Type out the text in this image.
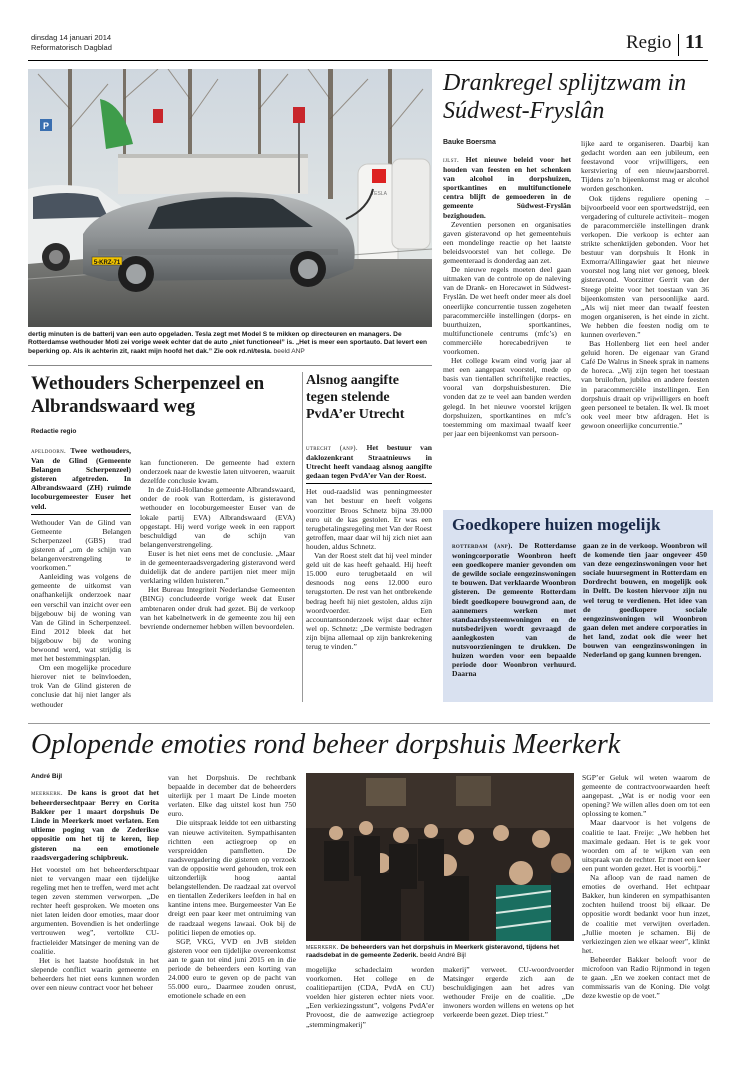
dinsdag 14 januari 2014
Reformatorisch Dagblad	Regio 11
P
TESLA
5-KRZ-71
dertig minuten is de batterij van een auto opgeladen. Tesla zegt met Model S te mikken op directeuren en managers. De Rotterdamse wethouder Moti zei vorige week echter dat de auto „niet functioneel” is. „Het is meer een sportauto. Dat levert een beperking op. Als ik achterin zit, raakt mijn hoofd het dak.” Zie ook rd.nl/tesla. beeld ANP
Drankregel splijtzwam in Súdwest-Fryslân
Bauke Boersma

ijlst. Het nieuwe beleid voor het houden van feesten en het schenken van alcohol in dorpshuizen, sportkantines en multifunctionele centra blijft de gemoederen in de gemeente Súdwest-Fryslân bezighouden.

Zeventien personen en organisaties gaven gisteravond op het gemeentehuis een mondelinge reactie op het laatste beleidsvoorstel van het college. De gemeenteraad is donderdag aan zet.

De nieuwe regels moeten deel gaan uitmaken van de controle op de naleving van de Drank- en Horecawet in Súdwest-Fryslân. De wet heeft onder meer als doel oneerlijke concurrentie tussen zogeheten paracommerciële instellingen (dorps- en buurthuizen, sportkantines, multifunctionele centrums (mfc’s) en commerciële horecabedrijven te voorkomen.

Het college kwam eind vorig jaar al met een aangepast voorstel, mede op basis van tientallen schriftelijke reacties, vooral van dorpshuisbesturen. Die vonden dat ze te veel aan banden werden gelegd. In het nieuwe voorstel krijgen dorpshuizen, sportkantines en mfc’s toestemming om maximaal twaalf keer per jaar een bijeenkomst van persoon-

lijke aard te organiseren. Daarbij kan gedacht worden aan een jubileum, een feestavond voor vrijwilligers, een kerstviering of een nieuwjaarsborrel. Tijdens zo’n bijeenkomst mag er alcohol worden geschonken.

Ook tijdens reguliere opening –bijvoorbeeld voor een sportwedstrijd, een vergadering of culturele activiteit– mogen de paracommerciële instellingen drank verkopen. Die verkoop is echter aan strikte schenktijden gebonden. Voor het bestuur van dorpshuis It Honk in Exmorra/Allingawier gaat het nieuwe voorstel nog lang niet ver genoeg, bleek gisteravond. Voorzitter Gerrit van der Steege pleitte voor het toestaan van 36 bijeenkomsten van persoonlijke aard. „Als wij niet meer dan twaalf feesten mogen organiseren, is het einde in zicht. We hebben die feesten nodig om te kunnen overleven.”

Bas Hollenberg liet een heel ander geluid horen. De eigenaar van Grand Café De Walrus in Sneek sprak in namens de horeca. „Wij zijn tegen het toestaan van bruiloften, jubilea en andere feesten in paracommerciële instellingen. Een dorpshuis draait op vrijwilligers en hoeft geen personeel te betalen. Ik wel. Ik moet ook veel meer btw afdragen. Het is gewoon oneerlijke concurrentie.”

Wethouders Scherpenzeel en Albrandswaard weg
Redactie regio

apeldoorn. Twee wethouders, Van de Glind (Gemeente Belangen Scherpenzeel) gisteren afgetreden. In Albrandswaard (ZH) ruimde locoburgemeester Euser het veld.

Wethouder Van de Glind van Gemeente Belangen Scherpenzeel (GBS) trad gisteren af „om de schijn van belangenverstrengeling te voorkomen.”

Aanleiding was volgens de gemeente de uitkomst van onafhankelijk onderzoek naar een verschil van inzicht over een bijgebouw bij de woning van Van de Glind in Scherpenzeel. Eind 2012 bleek dat het bijgebouw bij de woning bewoond werd, wat strijdig is met het bestemmingsplan.

Om een mogelijke procedure hierover niet te beïnvloeden, trok Van de Glind gisteren de conclusie dat hij niet langer als wethouder

kan functioneren. De gemeente had extern onderzoek naar de kwestie laten uitvoeren, waaruit dezelfde conclusie kwam.

In de Zuid-Hollandse gemeente Albrandswaard, onder de rook van Rotterdam, is gisteravond wethouder en locoburgemeester Euser van de lokale partij EVA) Albrandswaard (EVA) opgestapt. Hij werd vorige week in een rapport beschuldigd van de schijn van belangenverstrengeling.

Euser is het niet eens met de conclusie. „Maar in de gemeenteraadsvergadering gisteravond werd duidelijk dat de andere partijen niet meer mijn verklaring wilden huisteren.”

Het Bureau Integriteit Nederlandse Gemeenten (BING) concludeerde vorige week dat Euser ambtenaren onder druk had gezet. Bij de verkoop van het kabelnetwerk in de gemeente zou hij een bevriende ondernemer hebben willen bevoordelen.

Alsnog aangifte tegen stelende PvdA’er Utrecht

utrecht (anp). Het bestuur van daklozenkrant Straatnieuws in Utrecht heeft vandaag alsnog aangifte gedaan tegen PvdA’er Van der Roest.

Het oud-raadslid was penningmeester van het bestuur en heeft volgens voorzitter Broos Schnetz bijna 39.000 euro uit de kas gestolen. Er was een terugbetalingsregeling met Van der Roest getroffen, maar daar wil hij zich niet aan houden, aldus Schnetz.

Van der Roest stelt dat hij veel minder geld uit de kas heeft gehaald. Hij heeft 15.000 euro terugbetaald en wil desnoods nog eens 12.000 euro terugstorten. De rest van het ontbrekende bedrag heeft hij niet gestolen, aldus zijn woordvoerder. Een accountantsonderzoek wijst daar echter wel op. Schnetz: „De vermiste bedragen zijn bijna allemaal op zijn bankrekening terug te vinden.”

Goedkopere huizen mogelijk

rotterdam (anp). De Rotterdamse woningcorporatie Woonbron heeft een goedkopere manier gevonden om de gewilde sociale eengezinswoningen te bouwen. Dat verklaarde Woonbron gisteren. De gemeente Rotterdam biedt goedkopere bouwgrond aan, de aannemers werken met standaardsysteemwoningen en de nutsbedrijven wordt gevraagd de aanlegkosten van de nutsvoorzieningen te drukken. De huizen worden voor een bepaalde periode door Woonbron verhuurd. Daarna

gaan ze in de verkoop. Woonbron wil de komende tien jaar ongeveer 450 van deze eengezinswoningen voor het sociale huursegment in Rotterdam en Dordrecht bouwen, en mogelijk ook in Delft. De kosten hiervoor zijn nu wel terug te verdienen. Het idee van de goedkopere sociale eengezinswoningen wil Woonbron gaan delen met andere corporaties in het land, zodat ook die weer het bouwen van eengezinswoningen in Nederland op gang kunnen brengen.

Oplopende emoties rond beheer dorpshuis Meerkerk
André Bijl

meerkerk. De kans is groot dat het beheerdersechtpaar Berry en Corita Bakker per 1 maart dorpshuis De Linde in Meerkerk moet verlaten. Een ultieme poging van de Zederikse oppositie om het tij te keren, liep gisteren na een emotionele raadsvergadering schipbreuk.

Het voorstel om het beheerderschtpaar niet te vervangen maar een tijdelijke regeling met hen te treffen, werd met acht tegen zeven stemmen verworpen. „De rechter heeft gesproken. We moeten ons niet laten leiden door emoties, maar door argumenten. Bovendien is het onderlinge vertrouwen weg”, vertolkte CU-fractieleider Matsinger de mening van de coalitie.

Het is het laatste hoofdstuk in het slepende conflict waarin gemeente en beheerders het niet eens kunnen worden over een nieuw contract voor het beheer

van het Dorpshuis. De rechtbank bepaalde in december dat de beheerders uiterlijk per 1 maart De Linde moeten verlaten. Elke dag uitstel kost hun 750 euro.

Die uitspraak leidde tot een uitbarsting van nieuwe activiteiten. Sympathisanten richtten een actiegroep op en verspreidden pamfletten. De raadsvergadering die gisteren op verzoek van de oppositie werd gehouden, trok een uitzonderlijk hoog aantal belangstellenden. De raadzaal zat overvol en tientallen Zederikers leefden in hal en kantine intens mee. Burgemeester Van Ee dreigt een paar keer met ontruiming van de raadzaal wegens lawaai. Ook bij de politici liepen de emoties op.

SGP, VKG, VVD en JvB stelden gisteren voor een tijdelijke overeenkomst aan te gaan tot eind juni 2015 en in die periode de beheerders een korting van 24.000 euro te geven op de pacht van 55.000 euro,. Daarmee zouden onrust, emotionele schade en een

meerkerk. De beheerders van het dorpshuis in Meerkerk gisteravond, tijdens het raadsdebat in de gemeente Zederik. beeld André Bijl

mogelijke schadeclaim worden voorkomen. Het college en de coalitiepartijen (CDA, PvdA en CU) voelden hier gisteren echter niets voor. „Een verkiezingsstunt”, volgens PvdA’er Provoost, die de aanwezige actiegroep „stemmingmakerij”

makerij” verweet. CU-woordvoerder Matsinger ergerde zich aan de beschuldigingen aan het adres van wethouder Freije en de coalitie. „De inwoners worden willens en wetens op het verkeerde been gezet. Diep triest.”

SGP’er Geluk wil weten waarom de gemeente de contractvoorwaarden heeft aangepast. „Wat is er nodig voor een opening? We willen alles doen om tot een oplossing te komen.”

Maar daarvoor is het volgens de coalitie te laat. Freije: „We hebben het maximale gedaan. Het is te gek voor woorden om af te wijken van een uitspraak van de rechter. Er moet een keer een punt worden gezet. Het is voorbij.”

Na afloop van de raad namen de emoties de overhand. Het echtpaar Bakker, hun kinderen en sympathisanten zochten huilend troost bij elkaar. De oppositie wordt bedankt voor hun inzet, de coalitie met verwijten overladen. „Jullie moeten je schamen. Bij de verkiezingen zien we elkaar weer”, klinkt het.

Beheerder Bakker belooft voor de microfoon van Radio Rijnmond in tegen te gaan. „En we zoeken contact met de commissaris van de Koning. Die volgt deze kwestie op de voet.”
